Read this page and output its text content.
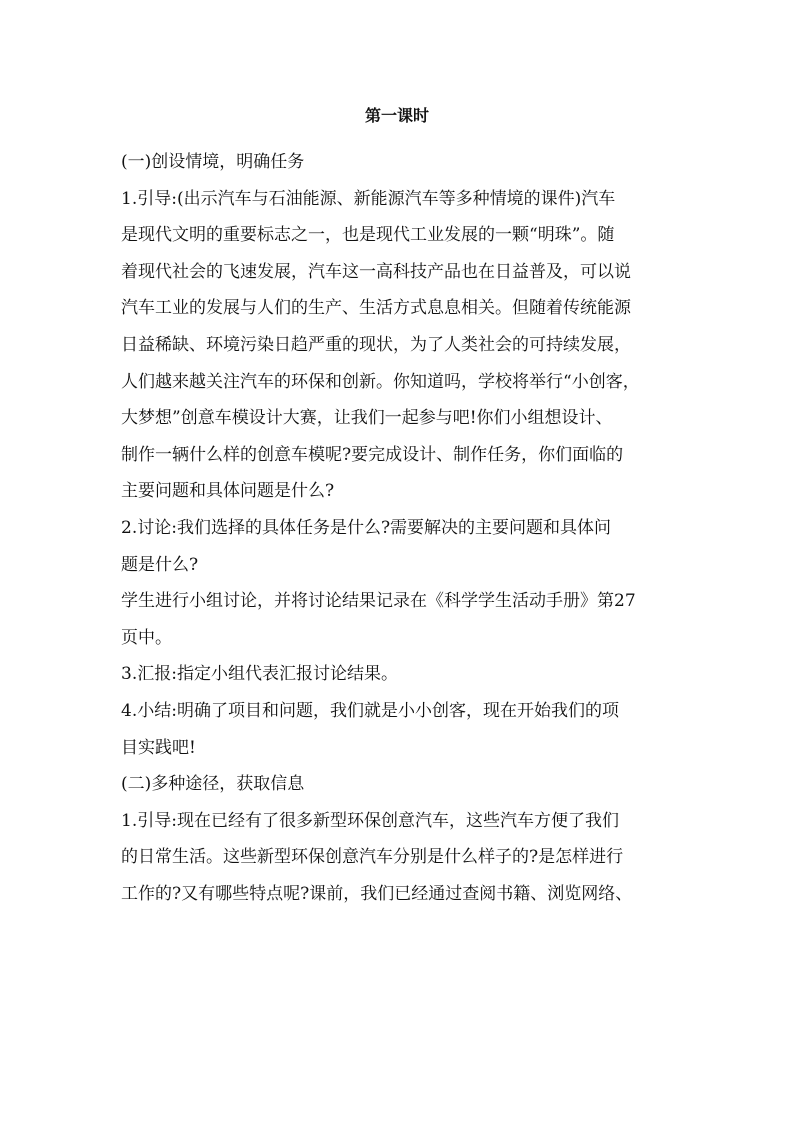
第一课时
(一)创设情境，明确任务
1.引导:(出示汽车与石油能源、新能源汽车等多种情境的课件)汽车
是现代文明的重要标志之一，也是现代工业发展的一颗“明珠”。随
着现代社会的飞速发展，汽车这一高科技产品也在日益普及，可以说
汽车工业的发展与人们的生产、生活方式息息相关。但随着传统能源
日益稀缺、环境污染日趋严重的现状，为了人类社会的可持续发展，
人们越来越关注汽车的环保和创新。你知道吗，学校将举行“小创客，
大梦想”创意车模设计大赛，让我们一起参与吧!你们小组想设计、
制作一辆什么样的创意车模呢?要完成设计、制作任务，你们面临的
主要问题和具体问题是什么?
2.讨论:我们选择的具体任务是什么?需要解决的主要问题和具体问
题是什么?
学生进行小组讨论，并将讨论结果记录在《科学学生活动手册》第27
页中。
3.汇报:指定小组代表汇报讨论结果。
4.小结:明确了项目和问题，我们就是小小创客，现在开始我们的项
目实践吧!
(二)多种途径，获取信息
1.引导:现在已经有了很多新型环保创意汽车，这些汽车方便了我们
的日常生活。这些新型环保创意汽车分别是什么样子的?是怎样进行
工作的?又有哪些特点呢?课前，我们已经通过查阅书籍、浏览网络、
